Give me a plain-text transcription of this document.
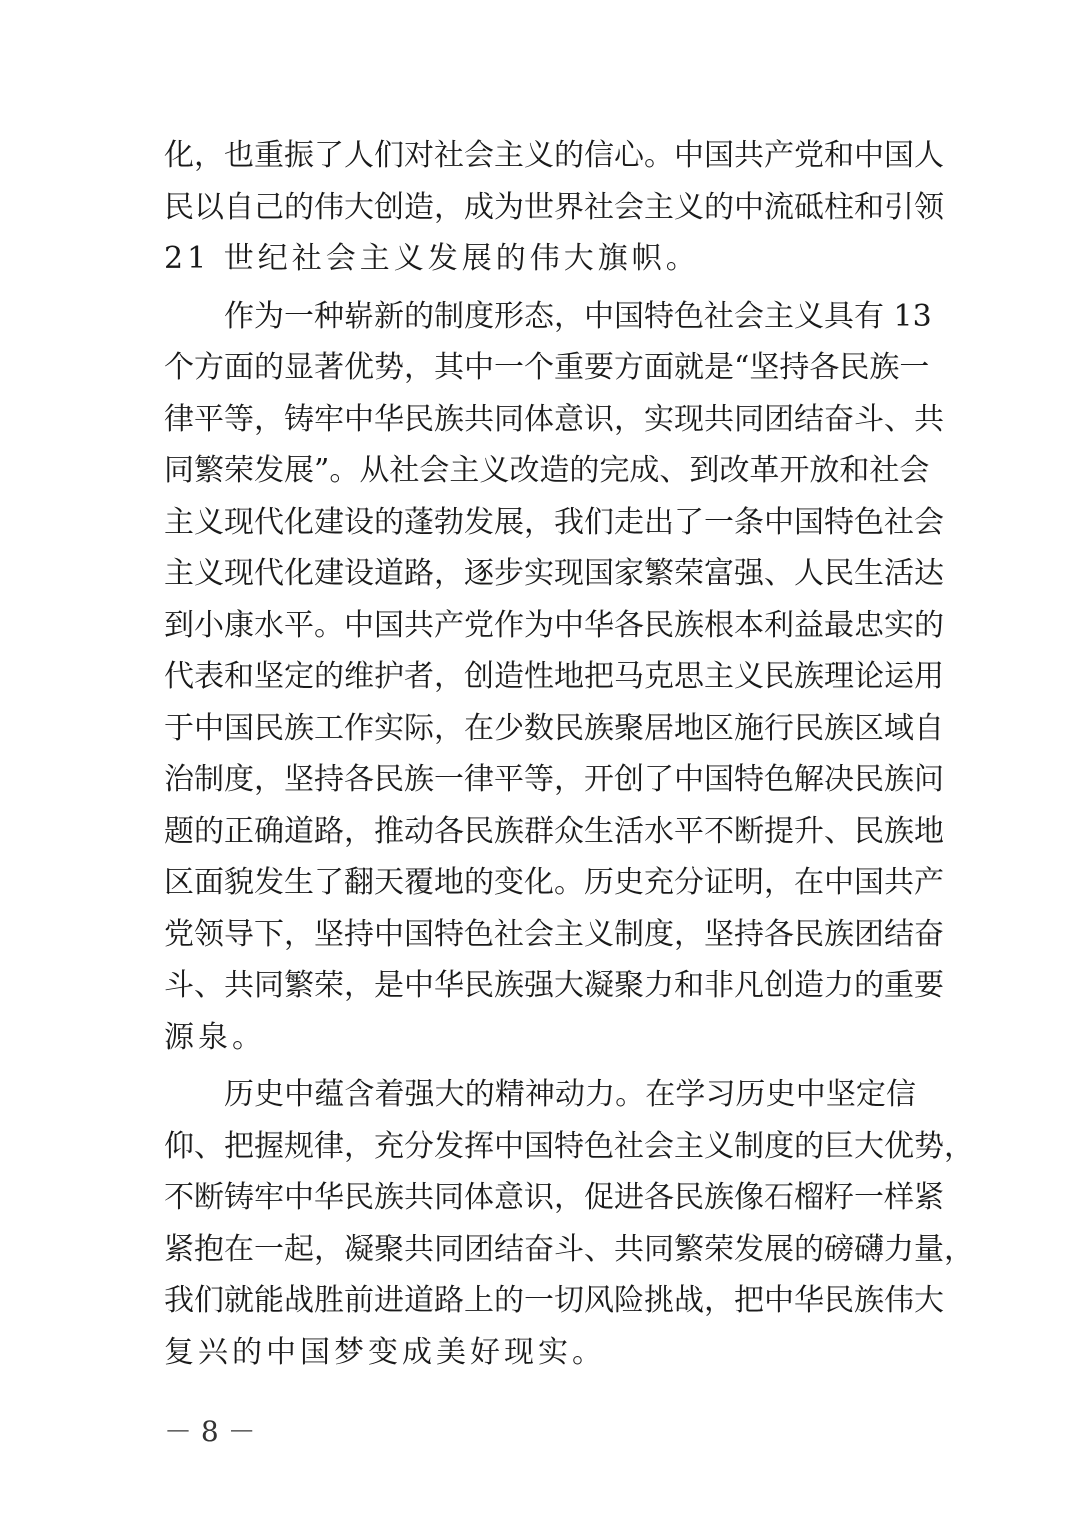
化，也重振了人们对社会主义的信心。中国共产党和中国人
民以自己的伟大创造，成为世界社会主义的中流砥柱和引领
21 世纪社会主义发展的伟大旗帜。
作为一种崭新的制度形态，中国特色社会主义具有 13
个方面的显著优势，其中一个重要方面就是“坚持各民族一
律平等，铸牢中华民族共同体意识，实现共同团结奋斗、共
同繁荣发展”。从社会主义改造的完成、到改革开放和社会
主义现代化建设的蓬勃发展，我们走出了一条中国特色社会
主义现代化建设道路，逐步实现国家繁荣富强、人民生活达
到小康水平。中国共产党作为中华各民族根本利益最忠实的
代表和坚定的维护者，创造性地把马克思主义民族理论运用
于中国民族工作实际，在少数民族聚居地区施行民族区域自
治制度，坚持各民族一律平等，开创了中国特色解决民族问
题的正确道路，推动各民族群众生活水平不断提升、民族地
区面貌发生了翻天覆地的变化。历史充分证明，在中国共产
党领导下，坚持中国特色社会主义制度，坚持各民族团结奋
斗、共同繁荣，是中华民族强大凝聚力和非凡创造力的重要
源泉。
历史中蕴含着强大的精神动力。在学习历史中坚定信
仰、把握规律，充分发挥中国特色社会主义制度的巨大优势，
不断铸牢中华民族共同体意识，促进各民族像石榴籽一样紧
紧抱在一起，凝聚共同团结奋斗、共同繁荣发展的磅礴力量，
我们就能战胜前进道路上的一切风险挑战，把中华民族伟大
复兴的中国梦变成美好现实。
－ 8 －
